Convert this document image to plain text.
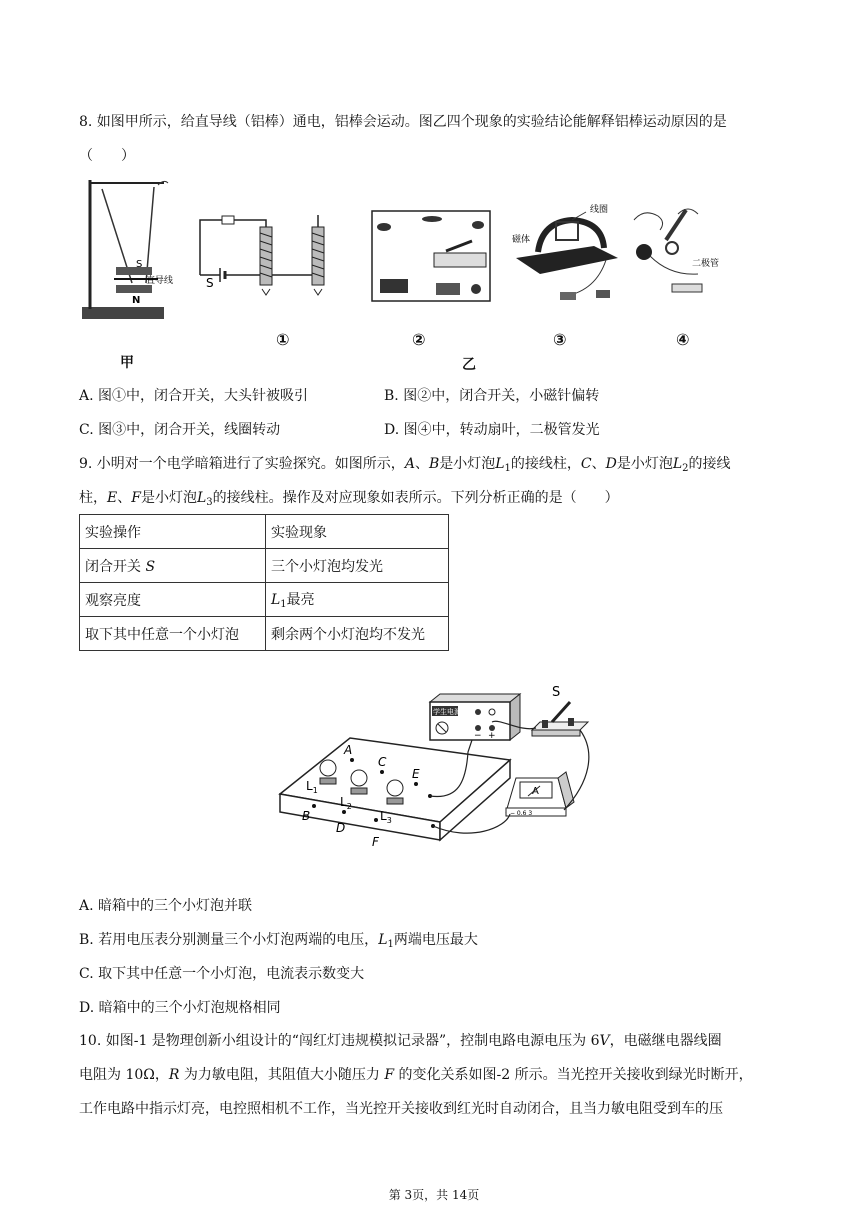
8. 如图甲所示，给直导线（铝棒）通电，铝棒会运动。图乙四个现象的实验结论能解释铝棒运动原因的是
（　　）
S
N
直导线
甲
S
①	②
线圈
磁体
③
二极管
④
乙
A. 图①中，闭合开关，大头针被吸引	B. 图②中，闭合开关，小磁针偏转
C. 图③中，闭合开关，线圈转动	D. 图④中，转动扇叶，二极管发光
9. 小明对一个电学暗箱进行了实验探究。如图所示，A、B是小灯泡$L_1$的接线柱，C、D是小灯泡$L_2$的接线
柱，E、F是小灯泡$L_3$的接线柱。操作及对应现象如表所示。下列分析正确的是（　　）
实验操作	实验现象
闭合开关 S	三个小灯泡均发光
观察亮度	$L_1$最亮
取下其中任意一个小灯泡	剩余两个小灯泡均不发光
A
B
C
D
E
F
$L_1$
$L_2$
$L_3$
学生电源
− +
S
A
− 0.6 3
A. 暗箱中的三个小灯泡并联
B. 若用电压表分别测量三个小灯泡两端的电压，$L_1$两端电压最大
C. 取下其中任意一个小灯泡，电流表示数变大
D. 暗箱中的三个小灯泡规格相同
10. 如图-1 是物理创新小组设计的“闯红灯违规模拟记录器”，控制电路电源电压为 6V，电磁继电器线圈
电阻为 10Ω，R 为力敏电阻，其阻值大小随压力 F 的变化关系如图-2 所示。当光控开关接收到绿光时断开，
工作电路中指示灯亮，电控照相机不工作，当光控开关接收到红光时自动闭合，且当力敏电阻受到车的压
第 3页，共 14页
